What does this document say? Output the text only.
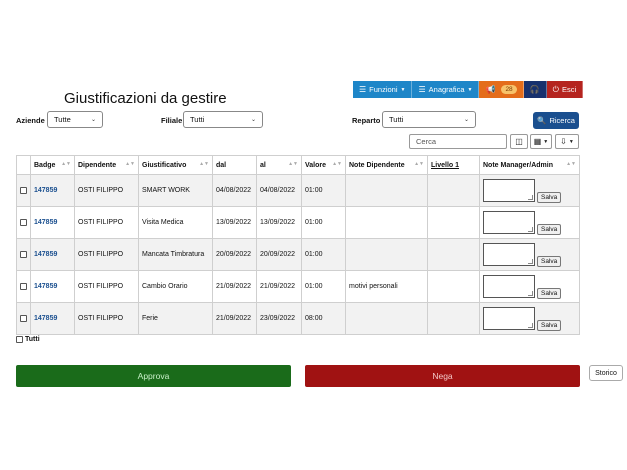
☰ Funzioni ▼ ☰ Anagrafica ▼ 📢	28	🎧 ⏻ Esci
Giustificazioni da gestire
Aziende Tutte	⌄	Filiale Tutti	⌄	Reparto Tutti	⌄	🔍 Ricerca
Cerca	◫ ▦ ▼ ⇩ ▼
	Badge ▲▼	Dipendente ▲▼	Giustificativo ▲▼	dal	al ▲▼	Valore ▲▼	Note Dipendente ▲▼	Livello 1	Note Manager/Admin ▲▼

	147859	OSTI FILIPPO	SMART WORK	04/08/2022	04/08/2022	01:00			Salva

	147859	OSTI FILIPPO	Visita Medica	13/09/2022	13/09/2022	01:00			Salva

	147859	OSTI FILIPPO	Mancata Timbratura	20/09/2022	20/09/2022	01:00			Salva

	147859	OSTI FILIPPO	Cambio Orario	21/09/2022	21/09/2022	01:00	motivi personali		Salva

	147859	OSTI FILIPPO	Ferie	21/09/2022	23/09/2022	08:00			Salva
Tutti
Approva	Nega	Storico
